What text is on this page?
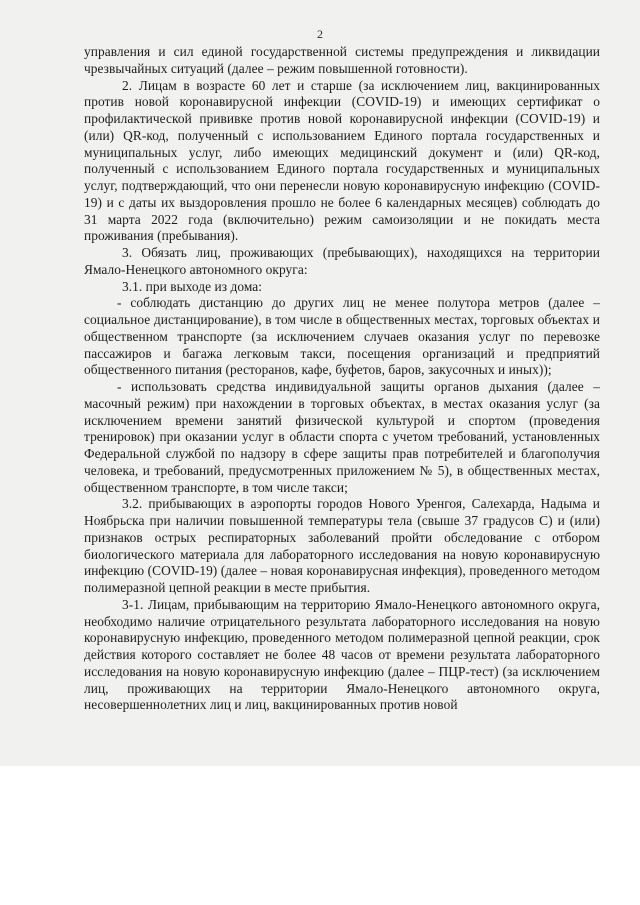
2

управления и сил единой государственной системы предупреждения и ликвидации чрезвычайных ситуаций (далее – режим повышенной готовности).

2. Лицам в возрасте 60 лет и старше (за исключением лиц, вакцинированных против новой коронавирусной инфекции (COVID-19) и имеющих сертификат о профилактической прививке против новой коронавирусной инфекции (COVID-19) и (или) QR-код, полученный с использованием Единого портала государственных и муниципальных услуг, либо имеющих медицинский документ и (или) QR-код, полученный с использованием Единого портала государственных и муниципальных услуг, подтверждающий, что они перенесли новую коронавирусную инфекцию (COVID-19) и с даты их выздоровления прошло не более 6 календарных месяцев) соблюдать до 31 марта 2022 года (включительно) режим самоизоляции и не покидать места проживания (пребывания).

3. Обязать лиц, проживающих (пребывающих), находящихся на территории Ямало-Ненецкого автономного округа:

3.1. при выходе из дома:

- соблюдать дистанцию до других лиц не менее полутора метров (далее – социальное дистанцирование), в том числе в общественных местах, торговых объектах и общественном транспорте (за исключением случаев оказания услуг по перевозке пассажиров и багажа легковым такси, посещения организаций и предприятий общественного питания (ресторанов, кафе, буфетов, баров, закусочных и иных));

- использовать средства индивидуальной защиты органов дыхания (далее – масочный режим) при нахождении в торговых объектах, в местах оказания услуг (за исключением времени занятий физической культурой и спортом (проведения тренировок) при оказании услуг в области спорта с учетом требований, установленных Федеральной службой по надзору в сфере защиты прав потребителей и благополучия человека, и требований, предусмотренных приложением № 5), в общественных местах, общественном транспорте, в том числе такси;

3.2. прибывающих в аэропорты городов Нового Уренгоя, Салехарда, Надыма и Ноябрьска при наличии повышенной температуры тела (свыше 37 градусов С) и (или) признаков острых респираторных заболеваний пройти обследование с отбором биологического материала для лабораторного исследования на новую коронавирусную инфекцию (COVID-19) (далее – новая коронавирусная инфекция), проведенного методом полимеразной цепной реакции в месте прибытия.

3-1. Лицам, прибывающим на территорию Ямало-Ненецкого автономного округа, необходимо наличие отрицательного результата лабораторного исследования на новую коронавирусную инфекцию, проведенного методом полимеразной цепной реакции, срок действия которого составляет не более 48 часов от времени результата лабораторного исследования на новую коронавирусную инфекцию (далее – ПЦР-тест) (за исключением лиц, проживающих на территории Ямало-Ненецкого автономного округа, несовершеннолетних лиц и лиц, вакцинированных против новой
